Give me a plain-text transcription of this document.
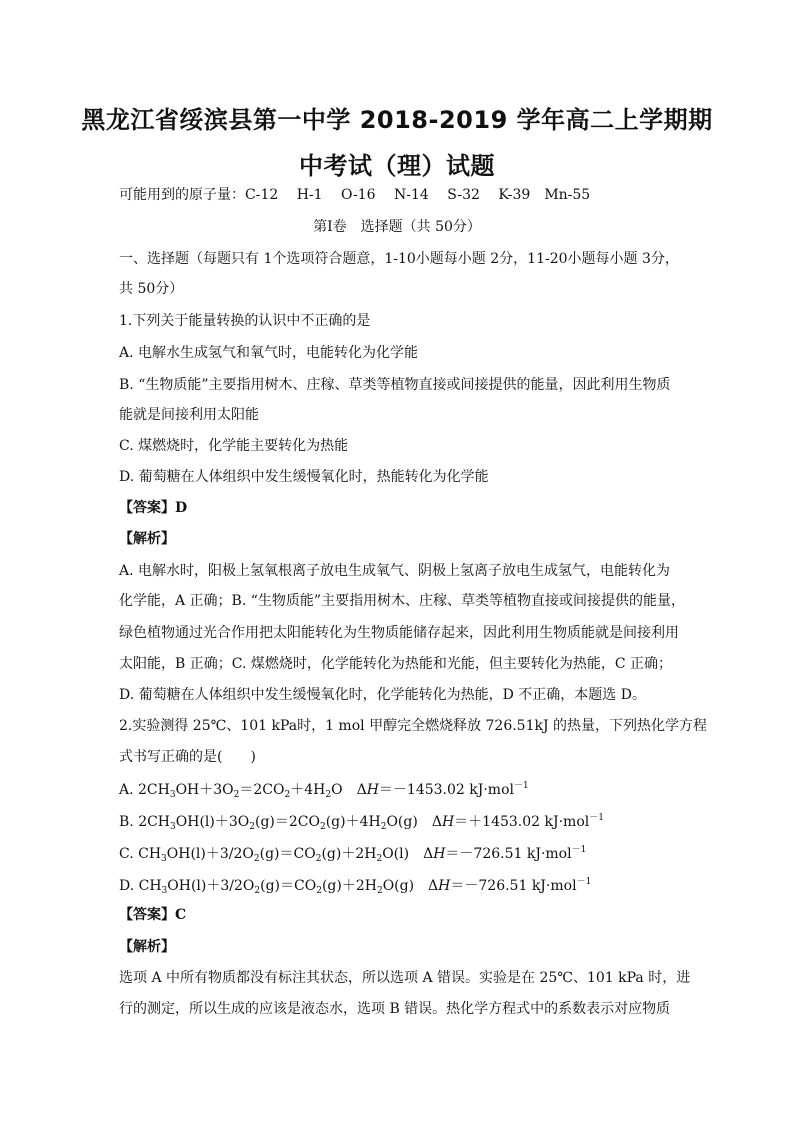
黑龙江省绥滨县第一中学 2018-2019 学年高二上学期期
中考试（理）试题
可能用到的原子量：C-12　 H-1　 O-16　 N-14　 S-32　 K-39　Mn-55
第Ⅰ卷　选择题（共 50分）
一、选择题（每题只有 1个选项符合题意，1-10小题每小题 2分，11-20小题每小题 3分，
共 50分）
1.下列关于能量转换的认识中不正确的是
A. 电解水生成氢气和氧气时，电能转化为化学能
B. “生物质能”主要指用树木、庄稼、草类等植物直接或间接提供的能量，因此利用生物质
能就是间接利用太阳能
C. 煤燃烧时，化学能主要转化为热能
D. 葡萄糖在人体组织中发生缓慢氧化时，热能转化为化学能
【答案】D
【解析】
A. 电解水时，阳极上氢氧根离子放电生成氧气、阴极上氢离子放电生成氢气，电能转化为
化学能，A 正确；B. “生物质能”主要指用树木、庄稼、草类等植物直接或间接提供的能量，
绿色植物通过光合作用把太阳能转化为生物质能储存起来，因此利用生物质能就是间接利用
太阳能，B 正确；C. 煤燃烧时，化学能转化为热能和光能，但主要转化为热能，C 正确；
D. 葡萄糖在人体组织中发生缓慢氧化时，化学能转化为热能，D 不正确，本题选 D。
2.实验测得 25℃、101 kPa时，1 mol 甲醇完全燃烧释放 726.51kJ 的热量，下列热化学方程
式书写正确的是(　　)
A. $2CH_3OH+3O_2=2CO_2+4H_2O$　ΔH＝－1453.02 kJ·mol$^{-1}$
B. $2CH_3OH(l)+3O_2(g)=2CO_2(g)+4H_2O(g)$　ΔH＝＋1453.02 kJ·mol$^{-1}$
C. $CH_3OH(l)+3/2O_2(g)=CO_2(g)+2H_2O(l)$　ΔH＝－726.51 kJ·mol$^{-1}$
D. $CH_3OH(l)+3/2O_2(g)=CO_2(g)+2H_2O(g)$　ΔH＝－726.51 kJ·mol$^{-1}$
【答案】C
【解析】
选项 A 中所有物质都没有标注其状态，所以选项 A 错误。实验是在 25℃、101 kPa 时，进
行的测定，所以生成的应该是液态水，选项 B 错误。热化学方程式中的系数表示对应物质
